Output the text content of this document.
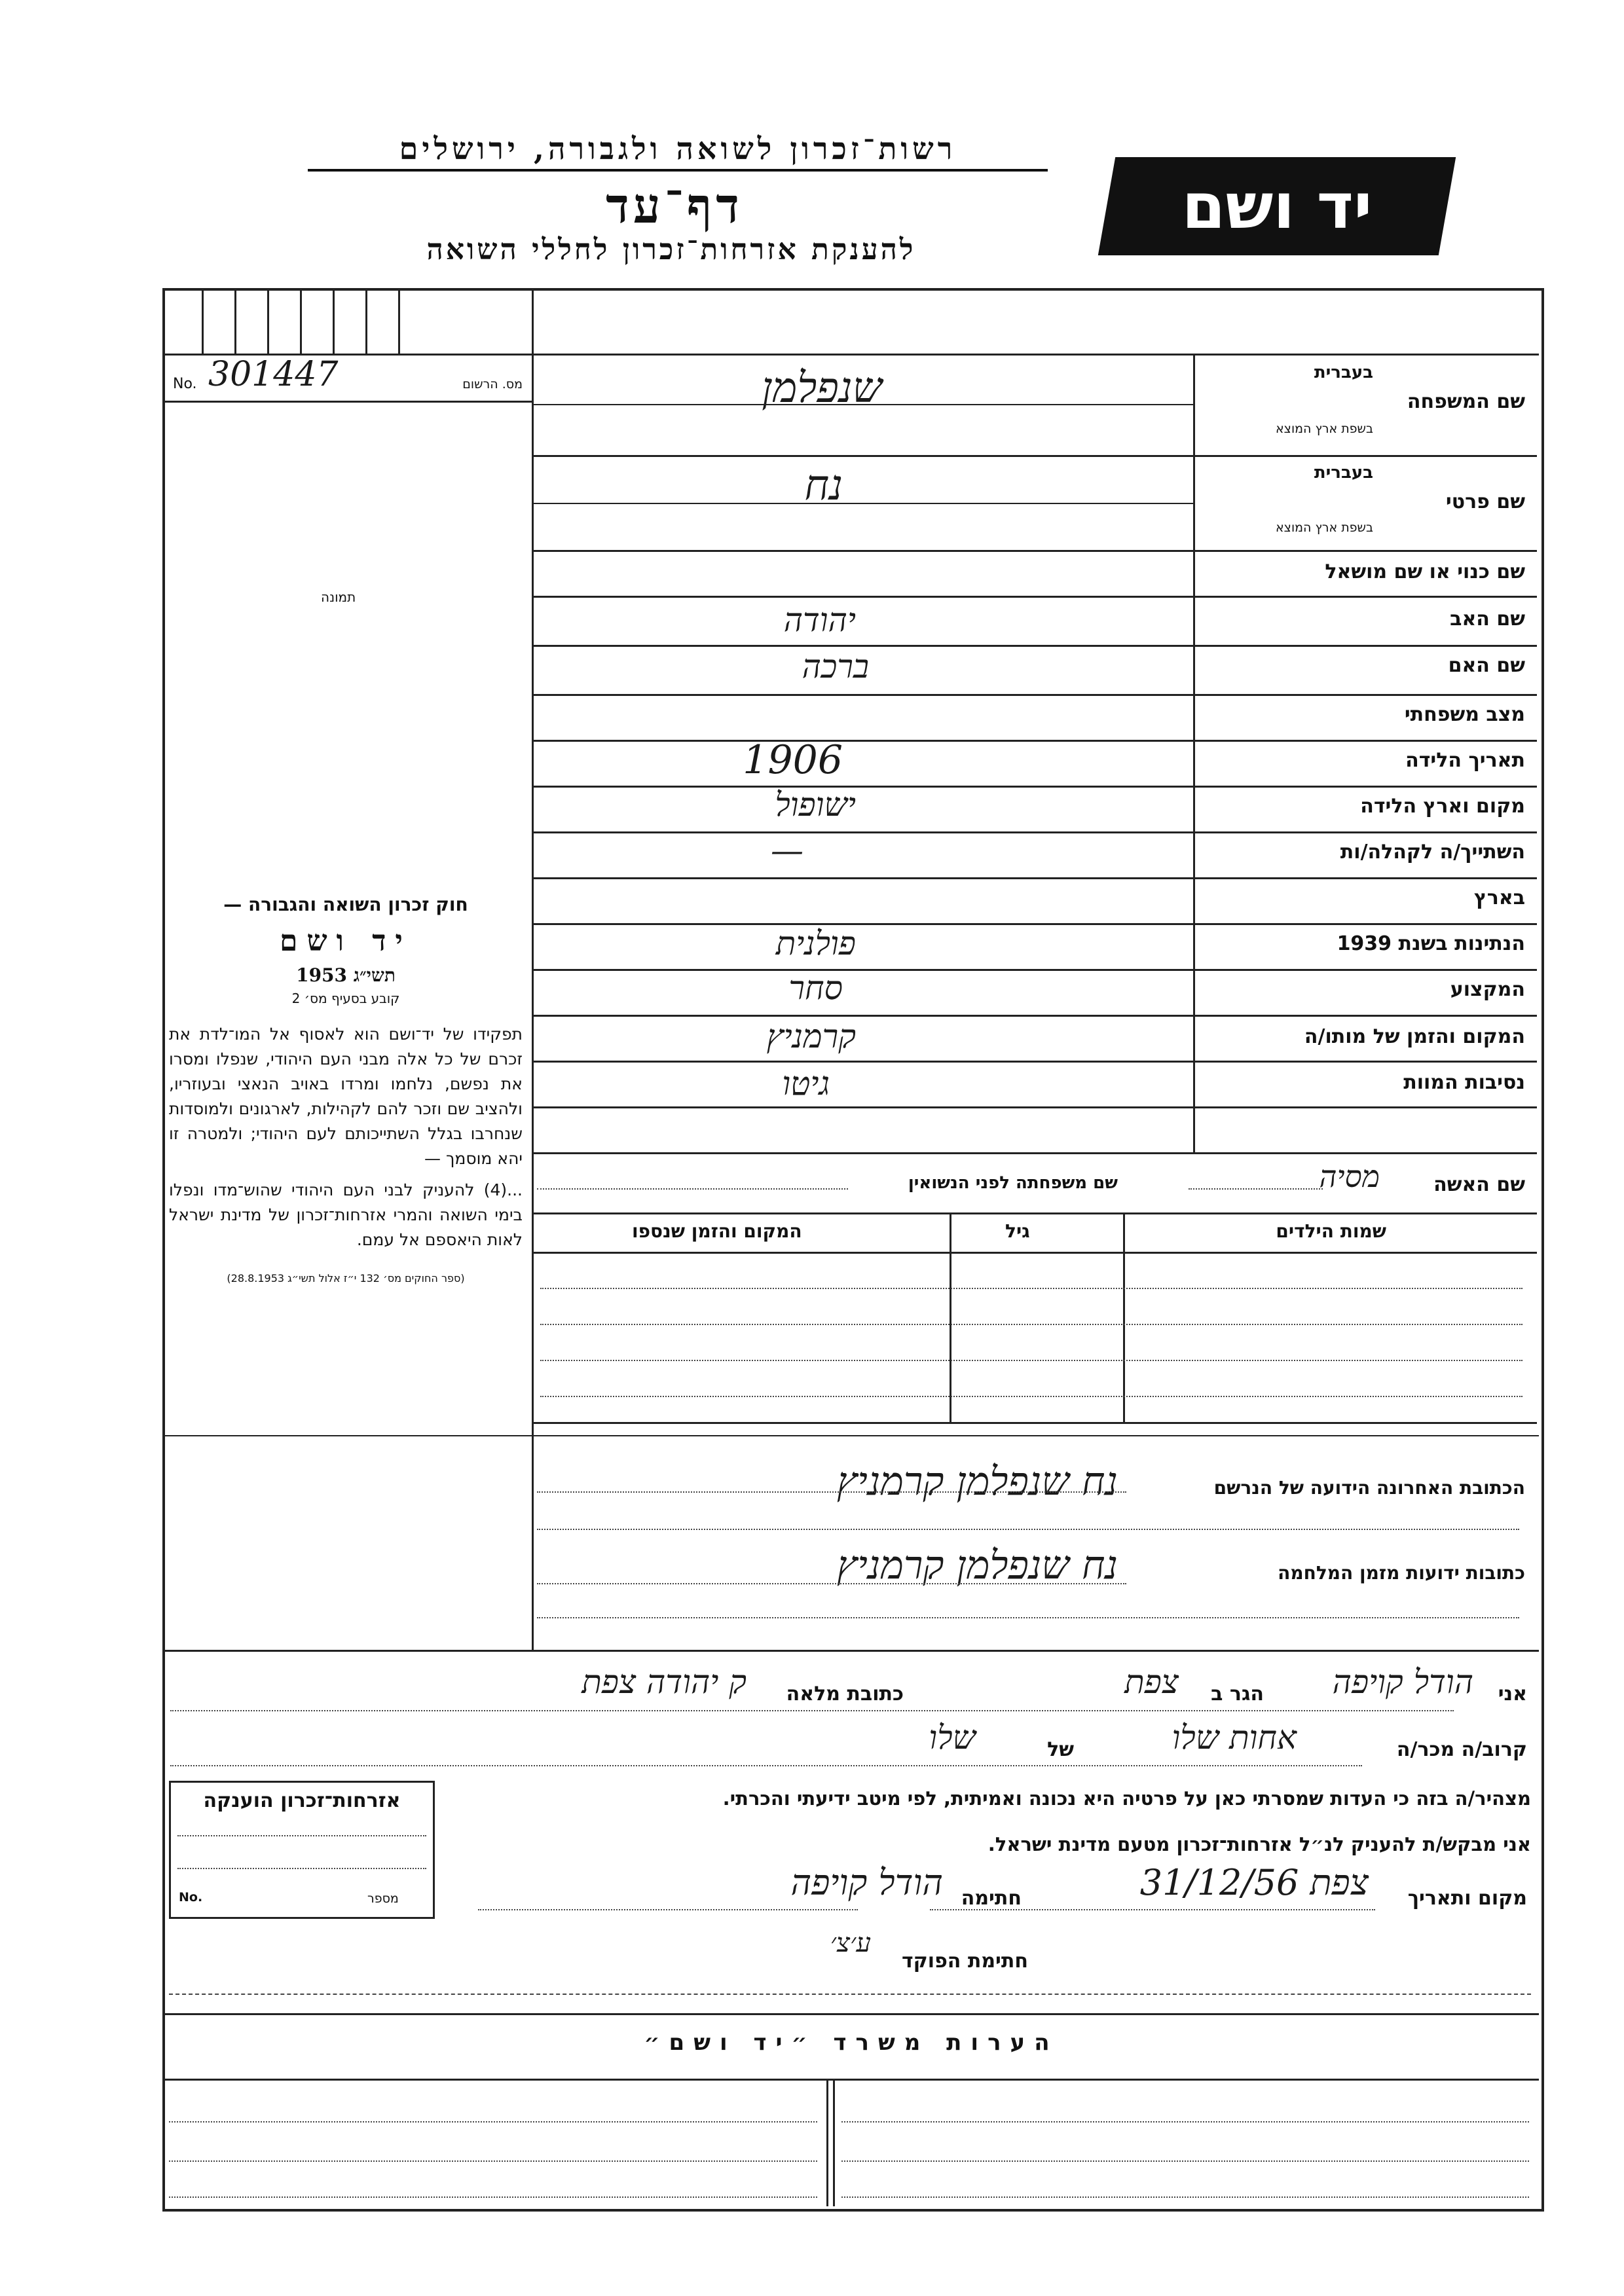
רשות־זכרון לשואה ולגבורה, ירושלים
דף־עד
להענקת אזרחות־זכרון לחללי השואה
יד ושם
No. 301447	מס. הרשום
תמונה
חוק זכרון השואה והגבורה —
יד ושם
תשי״ג 1953
קובע בסעיף מס׳ 2
תפקידו של יד־ושם הוא לאסוף אל המו־לדת את זכרם של כל אלה מבני העם היהודי, שנפלו ומסרו את נפשם, נלחמו ומרדו באויב הנאצי ובעוזריו, ולהציב שם וזכר להם לקהילות, לארגונים ולמוסדות שנחרבו בגלל השתייכותם לעם היהודי; ולמטרה זו יהא מוסמך —
...(4) להעניק לבני העם היהודי שהוש־מדו ונפלו בימי השואה והמרי אזרחות־זכרון של מדינת ישראל לאות היאספם אל עמם.
(ספר החוקים מס׳ 132 י״ז אלול תשי״ג 28.8.1953)
שם המשפחה
בעברית
בשפת ארץ המוצא
שנפלמן
שם פרטי
בעברית
בשפת ארץ המוצא
נח
שם כנוי או שם מושאל
שם האב
יהודה
שם האם
ברכה
מצב משפחתי
תאריך הלידה
1906
מקום וארץ הלידה
ישופול
השתייך/ה לקהלה/ות
—
בארץ
הנתינות בשנת 1939
פולנית
המקצוע
סחר
המקום והזמן של מותו/ה
קרמניץ
נסיבות המוות
גיטו
שם האשה
מסיה
שם משפחתה לפני הנשואין
שמות הילדים
גיל
המקום והזמן שנספו
הכתובת האחרונה הידועה של הנרשם
נח שנפלמן קרמניץ
כתובות ידועות מזמן המלחמה
נח שנפלמן קרמניץ
אני
הודל קויפה
הגר ב
צפת
כתובת מלאה
ק יהודה צפת
קרוב/ה מכר/ה
אחות שלו
של
שלו
מצהיר/ה בזה כי העדות שמסרתי כאן על פרטיה היא נכונה ואמיתית, לפי מיטב ידיעתי והכרתי.
אני מבקש/ת להעניק לנ״ל אזרחות־זכרון מטעם מדינת ישראל.
מקום ותאריך
צפת 31/12/56
חתימה
הודל קויפה
חתימת הפוקד
ע׳צ׳
אזרחות־זכרון הוענקה
No.	מספר
הערות משרד ״יד ושם״
